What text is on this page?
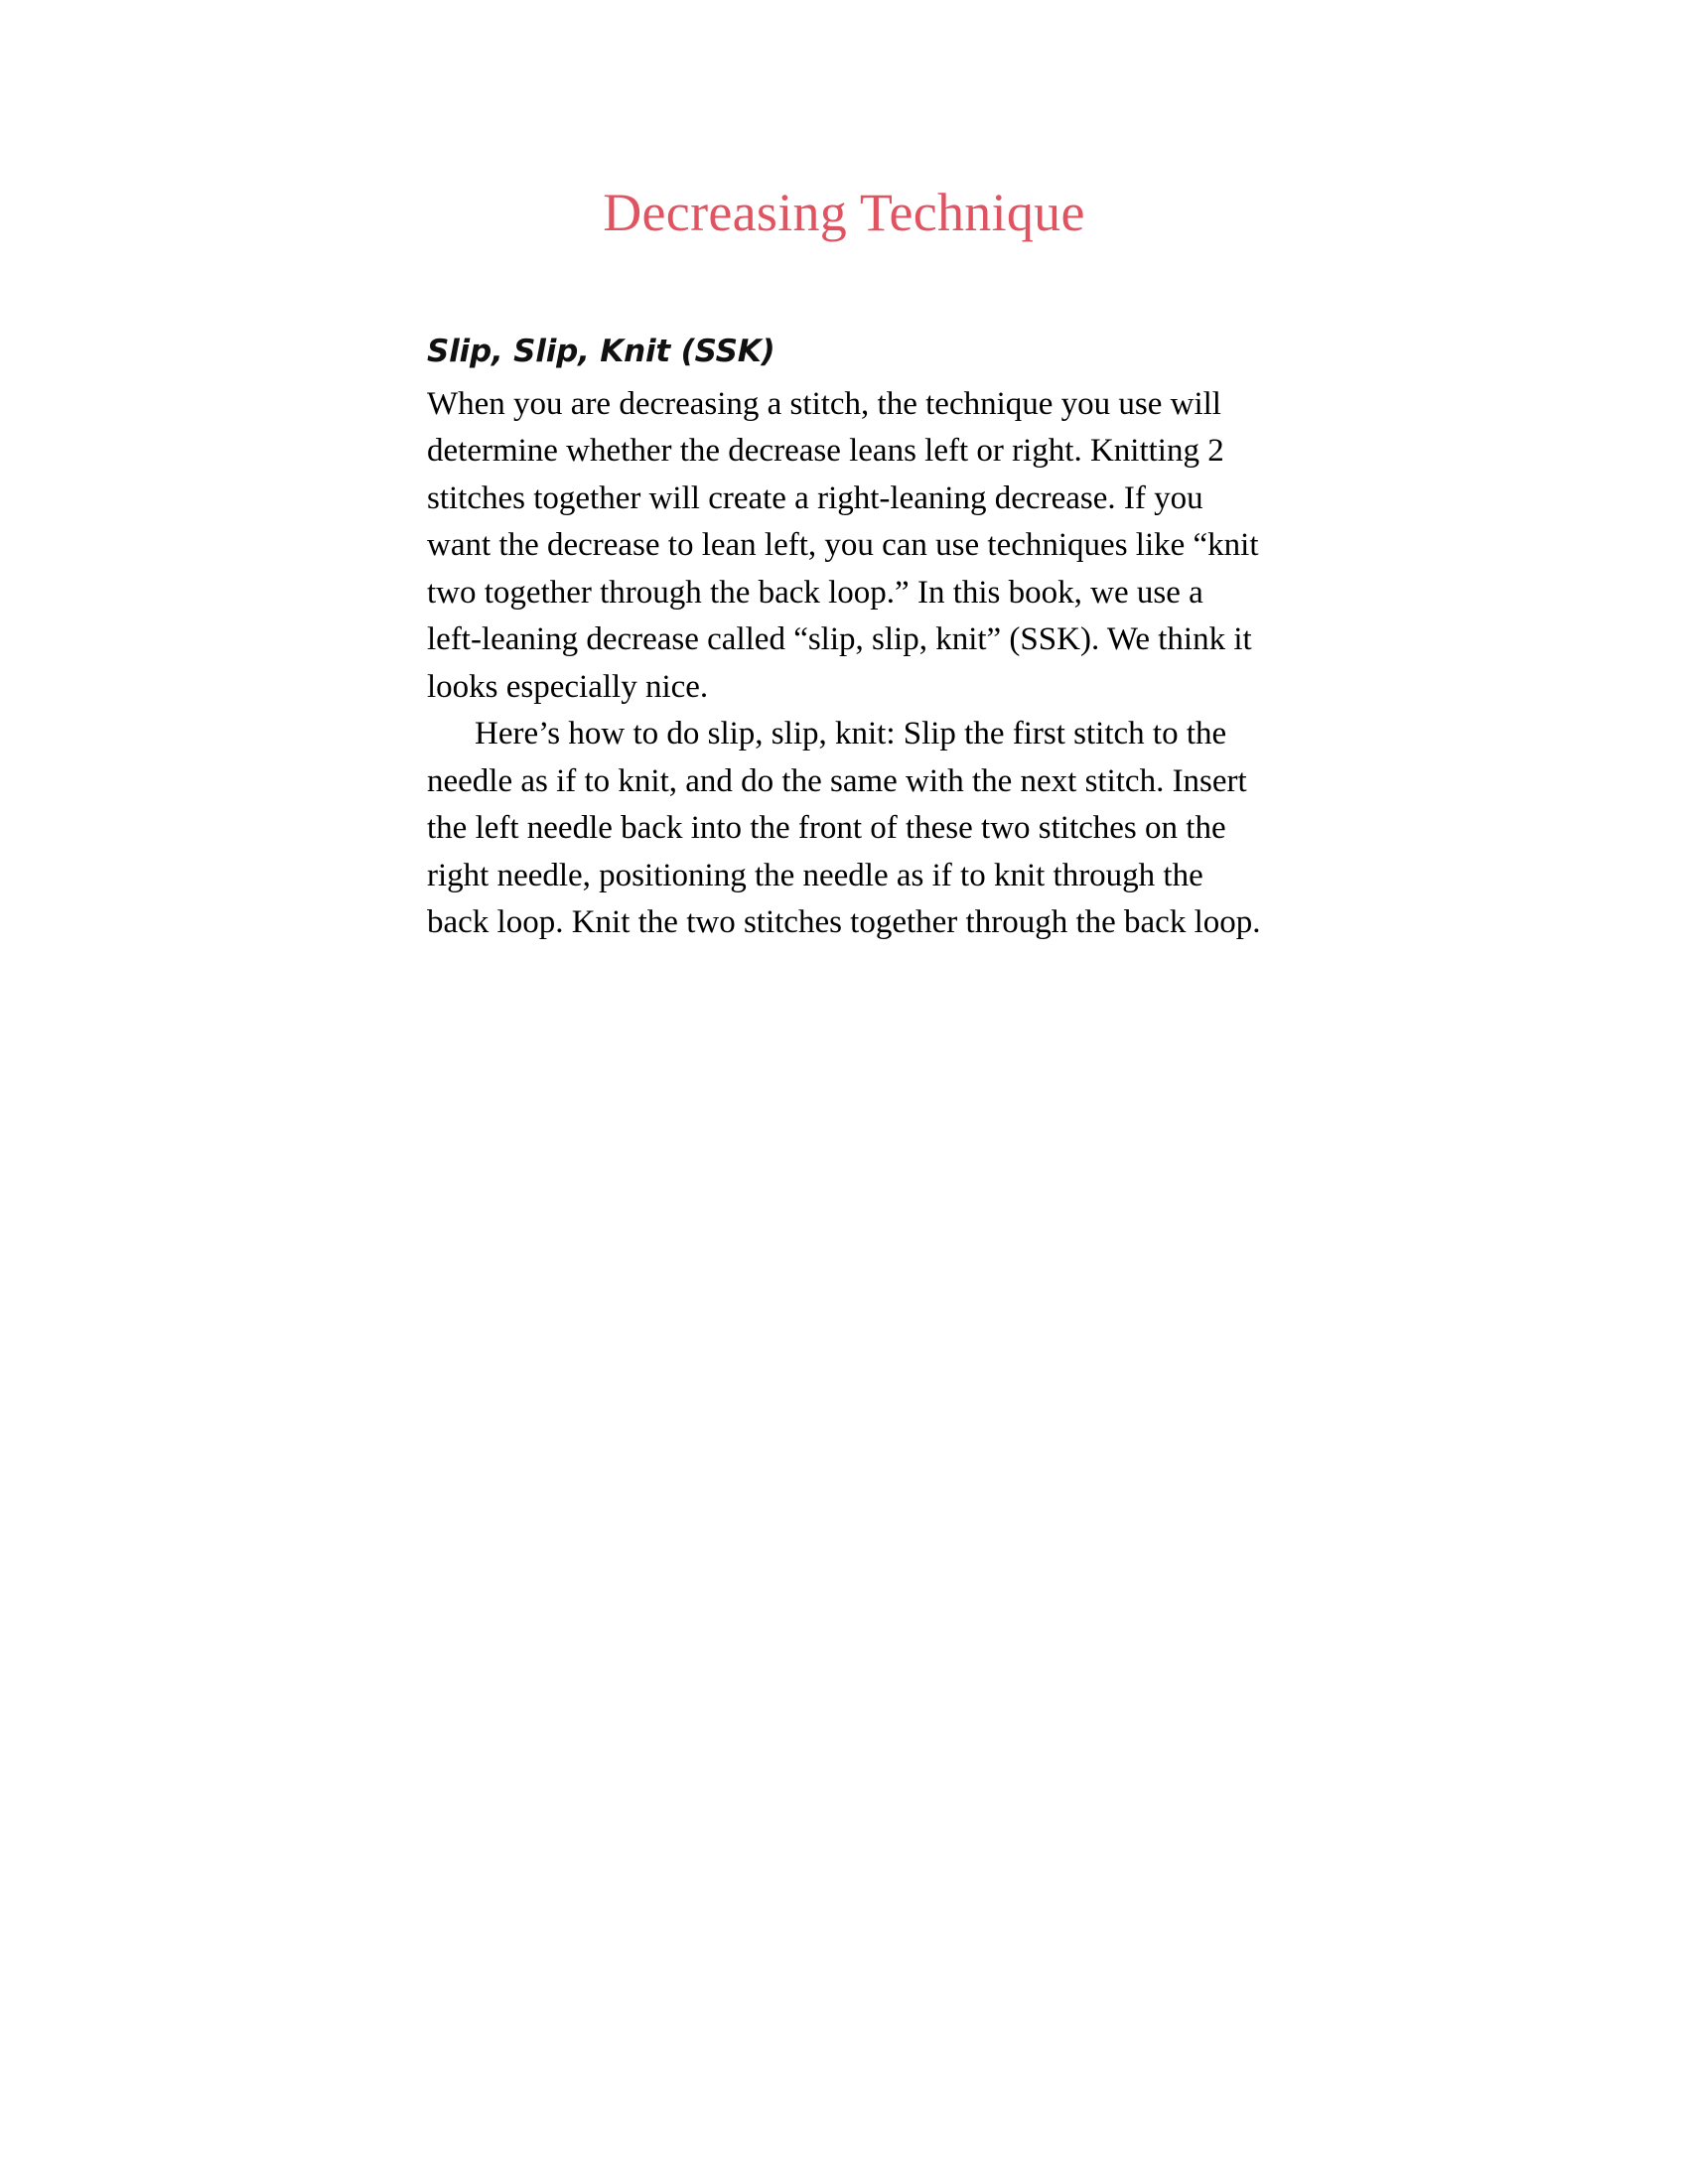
Decreasing Technique
Slip, Slip, Knit (SSK)

When you are decreasing a stitch, the technique you use will determine whether the decrease leans left or right. Knitting 2 stitches together will create a right-leaning decrease. If you want the decrease to lean left, you can use techniques like “knit two together through the back loop.” In this book, we use a left-leaning decrease called “slip, slip, knit” (SSK). We think it looks especially nice.

Here’s how to do slip, slip, knit: Slip the first stitch to the needle as if to knit, and do the same with the next stitch. Insert the left needle back into the front of these two stitches on the right needle, positioning the needle as if to knit through the back loop. Knit the two stitches together through the back loop.
